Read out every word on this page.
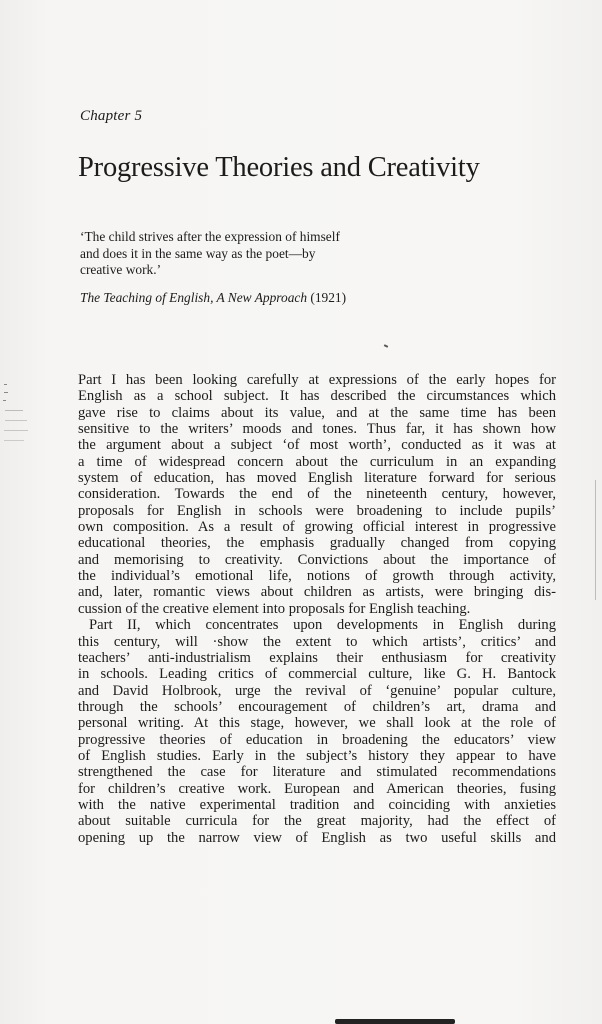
Chapter 5
Progressive Theories and Creativity
‘The child strives after the expression of himself
and does it in the same way as the poet—by
creative work.’
The Teaching of English, A New Approach (1921)
Part I has been looking carefully at expressions of the early hopes for
English as a school subject. It has described the circumstances which
gave rise to claims about its value, and at the same time has been
sensitive to the writers’ moods and tones. Thus far, it has shown how
the argument about a subject ‘of most worth’, conducted as it was at
a time of widespread concern about the curriculum in an expanding
system of education, has moved English literature forward for serious
consideration. Towards the end of the nineteenth century, however,
proposals for English in schools were broadening to include pupils’
own composition. As a result of growing official interest in progressive
educational theories, the emphasis gradually changed from copying
and memorising to creativity. Convictions about the importance of
the individual’s emotional life, notions of growth through activity,
and, later, romantic views about children as artists, were bringing dis-
cussion of the creative element into proposals for English teaching.
Part II, which concentrates upon developments in English during
this century, will ·show the extent to which artists’, critics’ and
teachers’ anti-industrialism explains their enthusiasm for creativity
in schools. Leading critics of commercial culture, like G. H. Bantock
and David Holbrook, urge the revival of ‘genuine’ popular culture,
through the schools’ encouragement of children’s art, drama and
personal writing. At this stage, however, we shall look at the role of
progressive theories of education in broadening the educators’ view
of English studies. Early in the subject’s history they appear to have
strengthened the case for literature and stimulated recommendations
for children’s creative work. European and American theories, fusing
with the native experimental tradition and coinciding with anxieties
about suitable curricula for the great majority, had the effect of
opening up the narrow view of English as two useful skills and
